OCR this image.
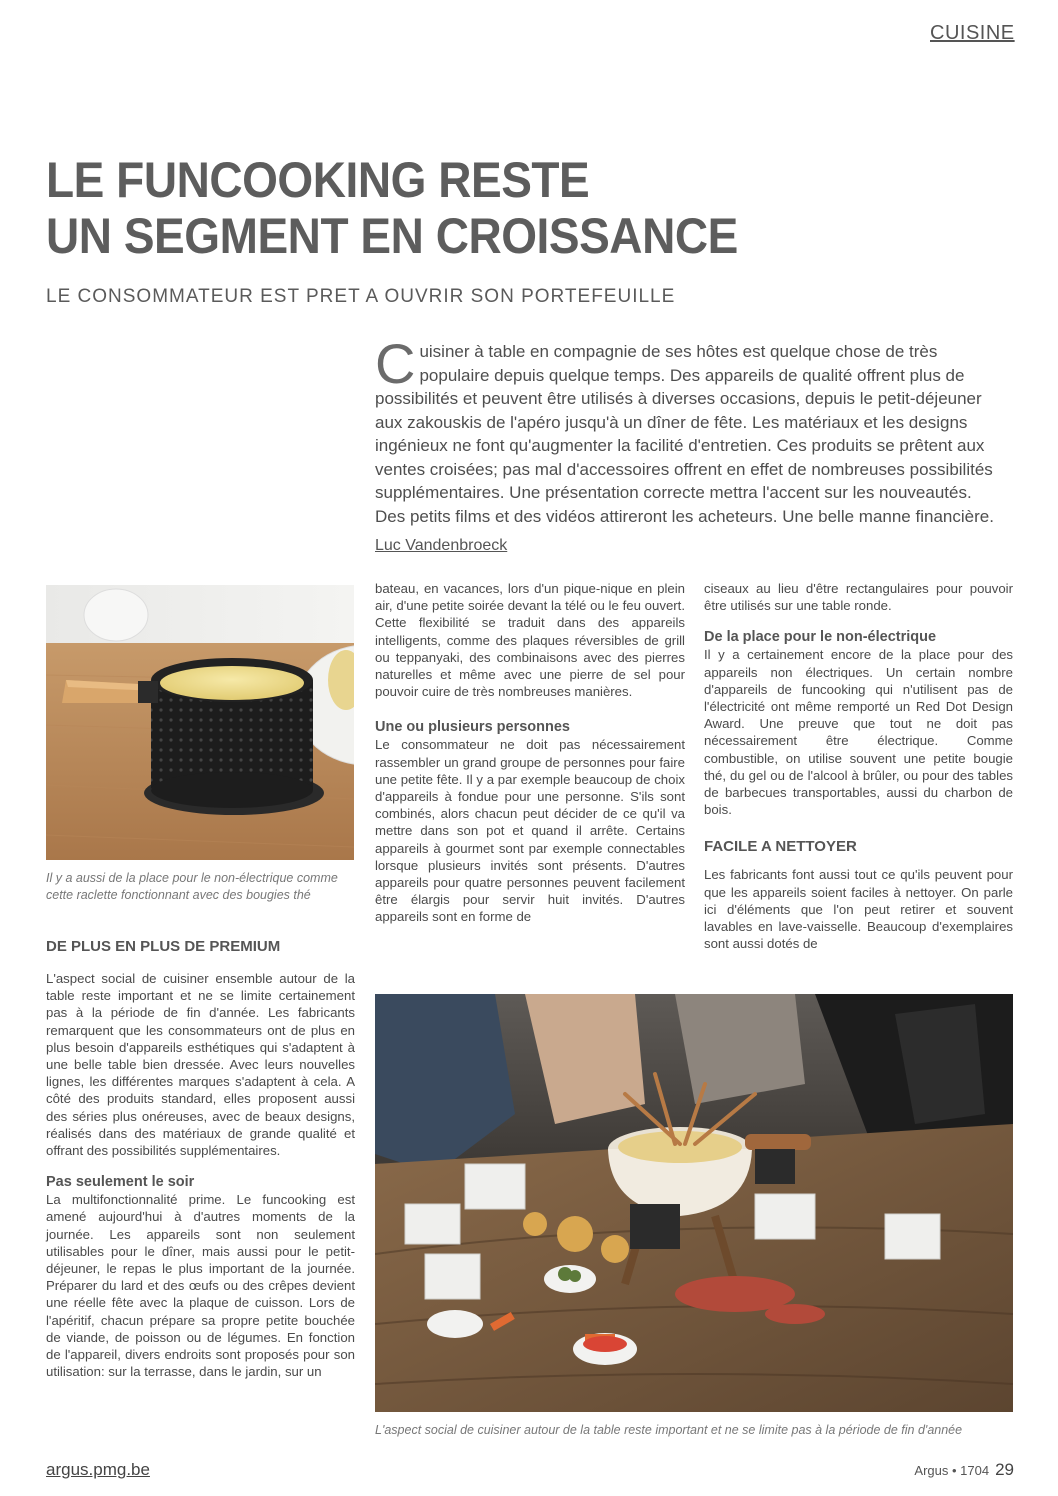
CUISINE
LE FUNCOOKING RESTE
UN SEGMENT EN CROISSANCE
LE CONSOMMATEUR EST PRET A OUVRIR SON PORTEFEUILLE
Cuisiner à table en compagnie de ses hôtes est quelque chose de très populaire depuis quelque temps. Des appareils de qualité offrent plus de possibilités et peuvent être utilisés à diverses occasions, depuis le petit-déjeuner aux zakouskis de l'apéro jusqu'à un dîner de fête. Les matériaux et les designs ingénieux ne font qu'augmenter la facilité d'entretien. Ces produits se prêtent aux ventes croisées; pas mal d'accessoires offrent en effet de nombreuses possibilités supplémentaires. Une présentation correcte mettra l'accent sur les nouveautés. Des petits films et des vidéos attireront les acheteurs. Une belle manne financière.
Luc Vandenbroeck
Il y a aussi de la place pour le non-électrique comme cette raclette fonctionnant avec des bougies thé
DE PLUS EN PLUS DE PREMIUM

L'aspect social de cuisiner ensemble autour de la table reste important et ne se limite certainement pas à la période de fin d'année. Les fabricants remarquent que les consommateurs ont de plus en plus besoin d'appareils esthétiques qui s'adaptent à une belle table bien dressée. Avec leurs nouvelles lignes, les différentes marques s'adaptent à cela. A côté des produits standard, elles proposent aussi des séries plus onéreuses, avec de beaux designs, réalisés dans des matériaux de grande qualité et offrant des possibilités supplémentaires.

Pas seulement le soir

La multifonctionnalité prime. Le funcooking est amené aujourd'hui à d'autres moments de la journée. Les appareils sont non seulement utilisables pour le dîner, mais aussi pour le petit-déjeuner, le repas le plus important de la journée. Préparer du lard et des œufs ou des crêpes devient une réelle fête avec la plaque de cuisson. Lors de l'apéritif, chacun prépare sa propre petite bouchée de viande, de poisson ou de légumes. En fonction de l'appareil, divers endroits sont proposés pour son utilisation: sur la terrasse, dans le jardin, sur un

bateau, en vacances, lors d'un pique-nique en plein air, d'une petite soirée devant la télé ou le feu ouvert. Cette flexibilité se traduit dans des appareils intelligents, comme des plaques réversibles de grill ou teppanyaki, des combinaisons avec des pierres naturelles et même avec une pierre de sel pour pouvoir cuire de très nombreuses manières.

Une ou plusieurs personnes

Le consommateur ne doit pas nécessairement rassembler un grand groupe de personnes pour faire une petite fête. Il y a par exemple beaucoup de choix d'appareils à fondue pour une personne. S'ils sont combinés, alors chacun peut décider de ce qu'il va mettre dans son pot et quand il arrête. Certains appareils à gourmet sont par exemple connectables lorsque plusieurs invités sont présents. D'autres appareils pour quatre personnes peuvent facilement être élargis pour servir huit invités. D'autres appareils sont en forme de

ciseaux au lieu d'être rectangulaires pour pouvoir être utilisés sur une table ronde.

De la place pour le non-électrique

Il y a certainement encore de la place pour des appareils non électriques. Un certain nombre d'appareils de funcooking qui n'utilisent pas de l'électricité ont même remporté un Red Dot Design Award. Une preuve que tout ne doit pas nécessairement être électrique. Comme combustible, on utilise souvent une petite bougie thé, du gel ou de l'alcool à brûler, ou pour des tables de barbecues transportables, aussi du charbon de bois.

FACILE A NETTOYER

Les fabricants font aussi tout ce qu'ils peuvent pour que les appareils soient faciles à nettoyer. On parle ici d'éléments que l'on peut retirer et souvent lavables en lave-vaisselle. Beaucoup d'exemplaires sont aussi dotés de

L'aspect social de cuisiner autour de la table reste important et ne se limite pas à la période de fin d'année
argus.pmg.be	Argus • 1704 29
